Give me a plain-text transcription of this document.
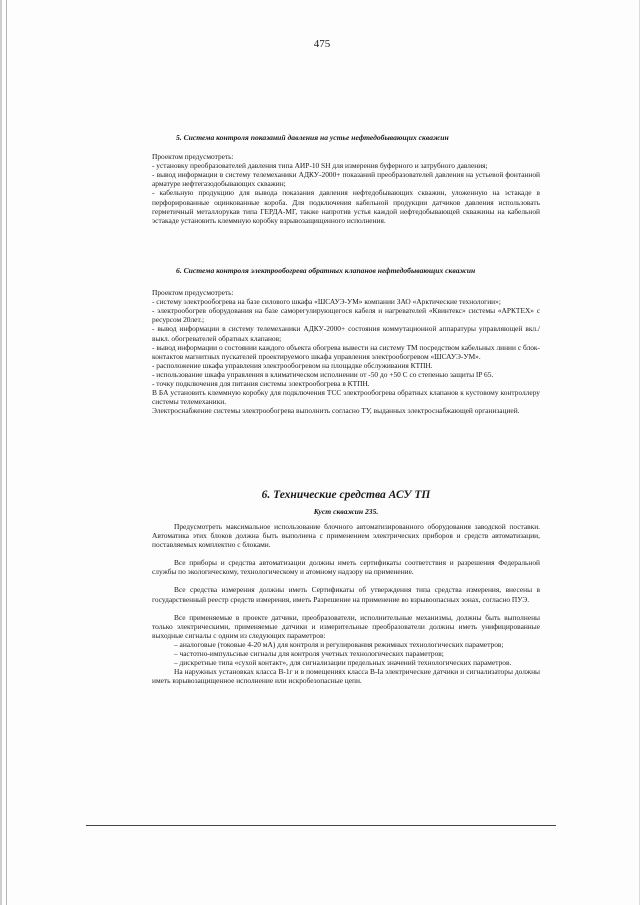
475

5. Система контроля показаний давления на устье нефтедобывающих скважин

Проектом предусмотреть:

- установку преобразователей давления типа АИР-10 SH для измерения буферного и затрубного давления;

- вывод информации в систему телемеханики АДКУ-2000+ показаний преобразователей давления на устьевой фонтанной арматуре нефтегазодобывающих скважин;

- кабельную продукцию для вывода показания давления нефтедобывающих скважин, уложенную на эстакаде в перфорированные оцинкованные короба. Для подключения кабельной продукции датчиков давления использовать герметичный металлорукав типа ГЕРДА-МГ, также напротив устья каждой нефтедобывающей скважины на кабельной эстакаде установить клеммную коробку взрывозащищенного исполнения.

6. Система контроля электрообогрева обратных клапанов нефтедобывающих скважин

Проектом предусмотреть:

- систему электрообогрева на базе силового шкафа «ШСАУЭ-УМ» компании ЗАО «Арктические технологии»;

- электрообогрев оборудования на базе саморегулирующегося кабеля и нагревателей «Квинтекс» системы «АРКТЕХ» с ресурсом 20лет.;

- вывод информации в систему телемеханики АДКУ-2000+ состояния коммутационной аппаратуры управляющей вкл./выкл. обогревателей обратных клапанов;

- вывод информации о состоянии каждого объекта обогрева вывести на систему ТМ посредством кабельных линии с блок-контактов магнитных пускателей проектируемого шкафа управления электрообогревом «ШСАУЭ-УМ».

- расположение шкафа управления электрообогревом на площадке обслуживания КТПН.

- использование шкафа управления в климатическом исполнении от -50 до +50 С со степенью защиты IP 65.

- точку подключения для питания системы электрообогрева в КТПН.

В БА установить клеммную коробку для подключения ТСС электрообогрева обратных клапанов к кустовому контроллеру системы телемеханики.

Электроснабжение системы электрообогрева выполнить согласно ТУ, выданных электроснабжающей организацией.

6. Технические средства АСУ ТП
Куст скважин 235.

Предусмотреть максимальное использование блочного автоматизированного оборудования заводской поставки. Автоматика этих блоков должна быть выполнена с применением электрических приборов и средств автоматизации, поставляемых комплектно с блоками.

Все приборы и средства автоматизации должны иметь сертификаты соответствия и разрешения Федеральной службы по экологическому, технологическому и атомному надзору на применение.

Все средства измерения должны иметь Сертификаты об утверждения типа средства измерения, внесены в государственный реестр средств измерения, иметь Разрешение на применение во взрывоопасных зонах, согласно ПУЭ.

Все применяемые в проекте датчики, преобразователи, исполнительные механизмы, должны быть выполнены только электрическими, применяемые датчики и измерительные преобразователи должны иметь унифицированные выходные сигналы с одним из следующих параметров:

– аналоговые (токовые 4-20 мА) для контроля и регулирования режимных технологических параметров;

– частотно-импульсные сигналы для контроля учетных технологических параметров;

– дискретные типа «сухой контакт», для сигнализации предельных значений технологических параметров.

На наружных установках класса В-1г и в помещениях класса В-Iа электрические датчики и сигнализаторы должны иметь взрывозащищенное исполнение или искробезопасные цепи.
